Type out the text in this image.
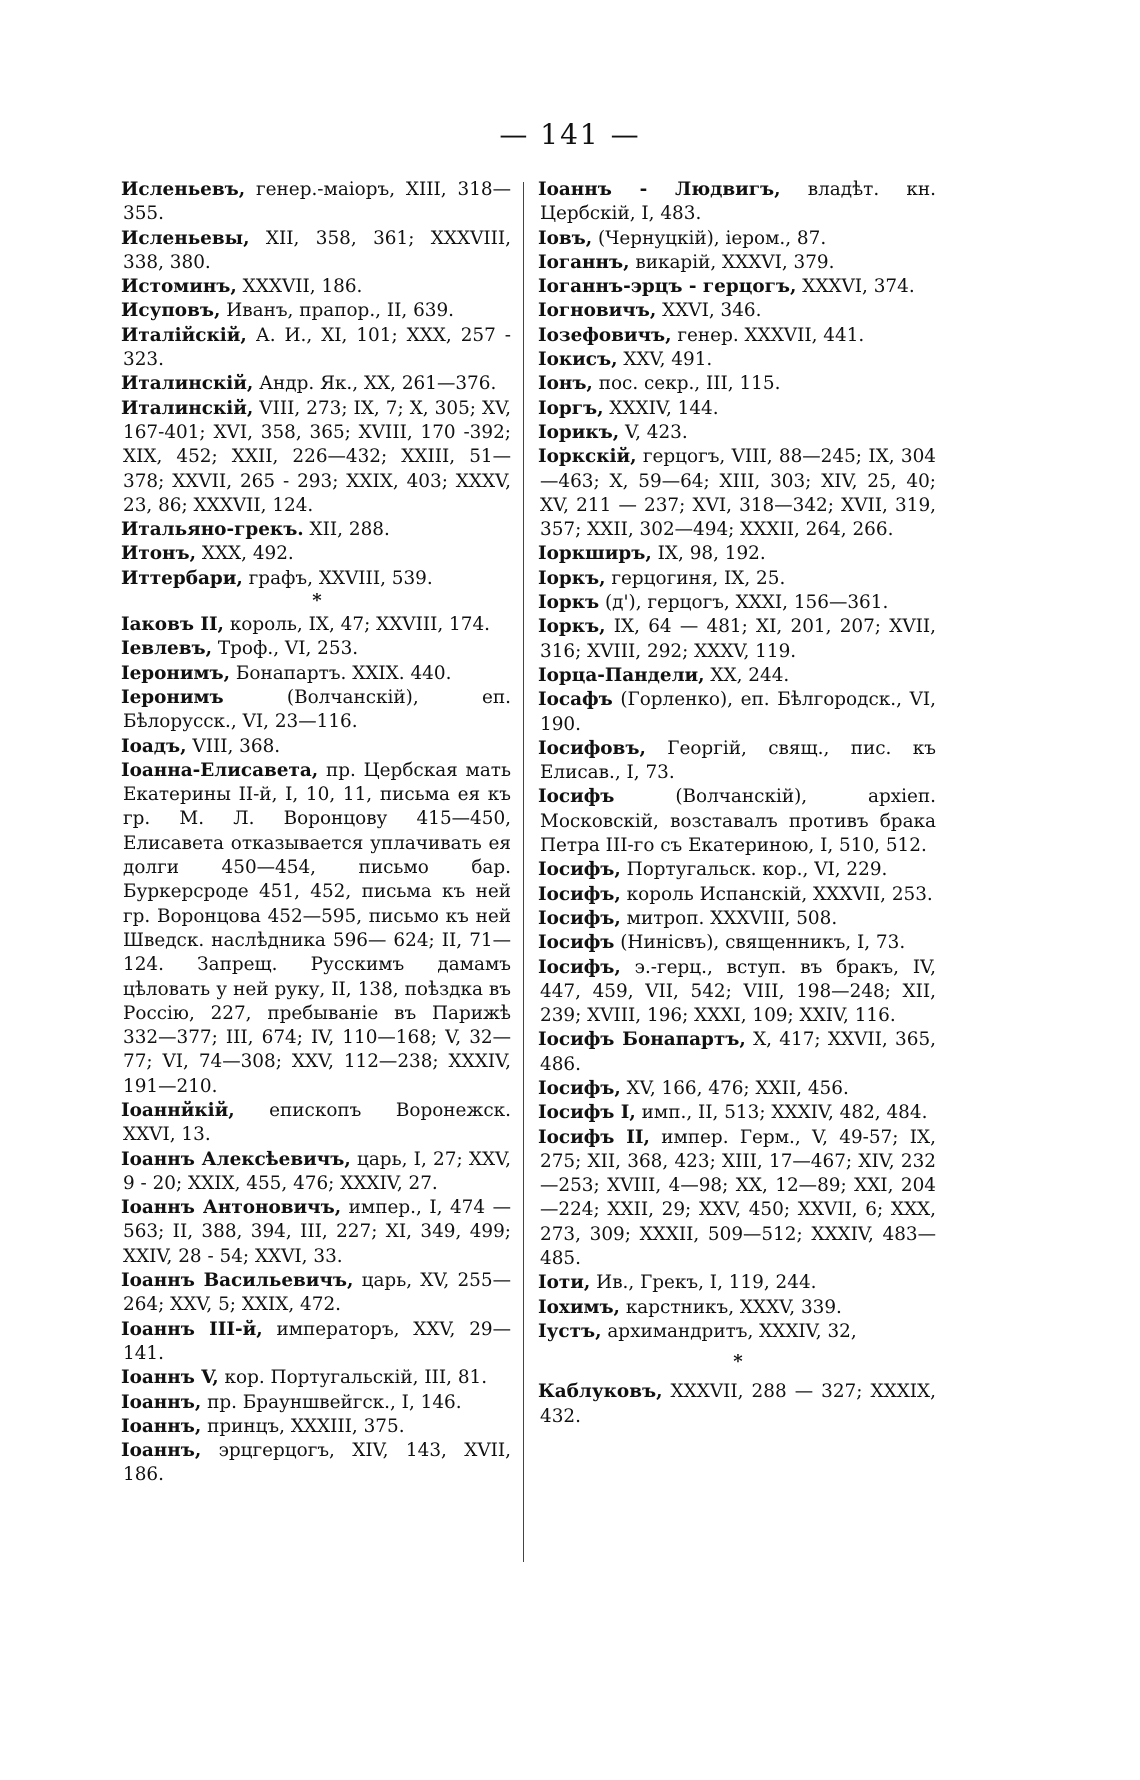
— 141 —

Исленьевъ, генер.-маіоръ, XIII, 318—355.

Исленьевы, XII, 358, 361; XXXVIII, 338, 380.

Истоминъ, XXXVII, 186.

Исуповъ, Иванъ, прапор., II, 639.

Италійскій, А. И., XI, 101; XXX, 257 - 323.

Италинскій, Андр. Як., XX, 261—376.

Италинскій, VIII, 273; IX, 7; X, 305; XV, 167-401; XVI, 358, 365; XVIII, 170 -392; XIX, 452; XXII, 226—432; XXIII, 51—378; XXVII, 265 - 293; XXIX, 403; XXXV, 23, 86; XXXVII, 124.

Итальяно-грекъ. XII, 288.

Итонъ, XXX, 492.

Иттербари, графъ, XXVIII, 539.

*

Іаковъ II, король, IX, 47; XXVIII, 174.

Іевлевъ, Троф., VI, 253.

Іеронимъ, Бонапартъ. XXIX. 440.

Іеронимъ (Волчанскій), еп. Бѣлорусск., VI, 23—116.

Іоадъ, VIII, 368.

Іоанна-Елисавета, пр. Цербская мать Екатерины II-й, I, 10, 11, письма ея къ гр. М. Л. Воронцову 415—450, Елисавета отказывается уплачивать ея долги 450—454, письмо бар. Буркерсроде 451, 452, письма къ ней гр. Воронцова 452—595, письмо къ ней Шведск. наслѣдника 596— 624; II, 71—124. Запрещ. Русскимъ дамамъ цѣловать у ней руку, II, 138, поѣздка въ Россію, 227, пребываніе въ Парижѣ 332—377; III, 674; IV, 110—168; V, 32—77; VI, 74—308; XXV, 112—238; XXXIV, 191—210.

Іоаннйкій, епископъ Воронежск. XXVI, 13.

Іоаннъ Алексѣевичъ, царь, I, 27; XXV, 9 - 20; XXIX, 455, 476; XXXIV, 27.

Іоаннъ Антоновичъ, импер., I, 474 — 563; II, 388, 394, III, 227; XI, 349, 499; XXIV, 28 - 54; XXVI, 33.

Іоаннъ Васильевичъ, царь, XV, 255—264; XXV, 5; XXIX, 472.

Іоаннъ III-й, императоръ, XXV, 29—141.

Іоаннъ V, кор. Португальскій, III, 81.

Іоаннъ, пр. Брауншвейгск., I, 146.

Іоаннъ, принцъ, XXXIII, 375.

Іоаннъ, эрцгерцогъ, XIV, 143, XVII, 186.

Іоаннъ - Людвигъ, владѣт. кн. Цербскій, I, 483.

Іовъ, (Чернуцкій), іером., 87.

Іоганнъ, викарій, XXXVI, 379.

Іоганнъ-эрцъ - герцогъ, XXXVI, 374.

Іогновичъ, XXVI, 346.

Іозефовичъ, генер. XXXVII, 441.

Іокисъ, XXV, 491.

Іонъ, пос. секр., III, 115.

Іоргъ, XXXIV, 144.

Іорикъ, V, 423.

Іоркскій, герцогъ, VIII, 88—245; IX, 304—463; X, 59—64; XIII, 303; XIV, 25, 40; XV, 211 — 237; XVI, 318—342; XVII, 319, 357; XXII, 302—494; XXXII, 264, 266.

Іоркширъ, IX, 98, 192.

Іоркъ, герцогиня, IX, 25.

Іоркъ (д'), герцогъ, XXXI, 156—361.

Іоркъ, IX, 64 — 481; XI, 201, 207; XVII, 316; XVIII, 292; XXXV, 119.

Іорца-Пандели, XX, 244.

Іосафъ (Горленко), еп. Бѣлгородск., VI, 190.

Іосифовъ, Георгій, свящ., пис. къ Елисав., I, 73.

Іосифъ (Волчанскій), архіеп. Московскій, возставалъ противъ брака Петра III-го съ Екатериною, I, 510, 512.

Іосифъ, Португальск. кор., VI, 229.

Іосифъ, король Испанскій, XXXVII, 253.

Іосифъ, митроп. XXXVIII, 508.

Іосифъ (Нинісвъ), священникъ, I, 73.

Іосифъ, э.-герц., вступ. въ бракъ, IV, 447, 459, VII, 542; VIII, 198—248; XII, 239; XVIII, 196; XXXI, 109; XXIV, 116.

Іосифъ Бонапартъ, X, 417; XXVII, 365, 486.

Іосифъ, XV, 166, 476; XXII, 456.

Іосифъ I, имп., II, 513; XXXIV, 482, 484.

Іосифъ II, импер. Герм., V, 49-57; IX, 275; XII, 368, 423; XIII, 17—467; XIV, 232—253; XVIII, 4—98; XX, 12—89; XXI, 204—224; XXII, 29; XXV, 450; XXVII, 6; XXX, 273, 309; XXXII, 509—512; XXXIV, 483—485.

Іоти, Ив., Грекъ, I, 119, 244.

Іохимъ, карстникъ, XXXV, 339.

Іустъ, архимандритъ, XXXIV, 32,

*

Каблуковъ, XXXVII, 288 — 327; XXXIX, 432.
